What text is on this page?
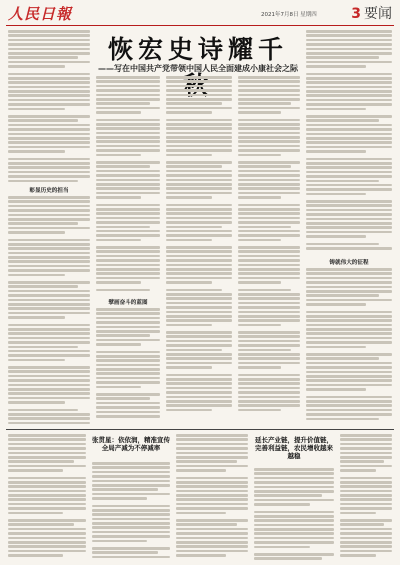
人民日報	2021年7月8日 星期四 3 要闻
恢宏史诗耀千
——写在中国共产党带领中国人民全面建成小康社会之际
彰显历史的担当
擘画奋斗的蓝图
铸就伟大的征程
张贯星：依依润，精准宣传全局产减为不停减率
延长产业链，提升价值链，完善利益链，农民增收越来越稳
